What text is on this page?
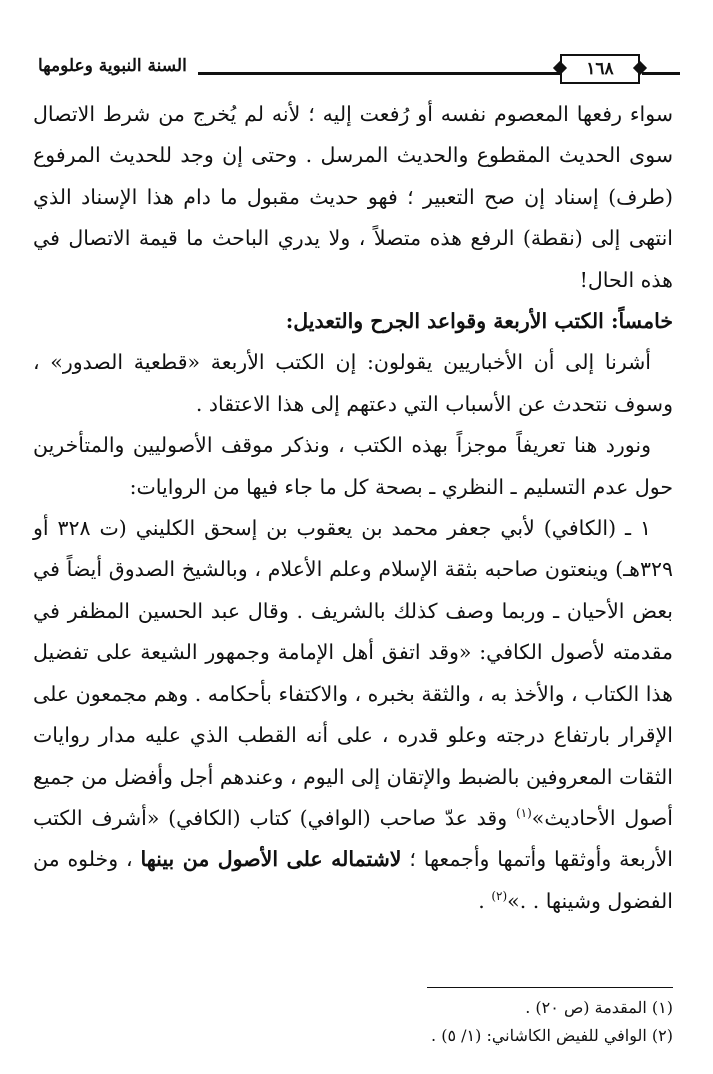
السنة النبوية وعلومها	١٦٨

سواء رفعها المعصوم نفسه أو رُفعت إليه ؛ لأنه لم يُخرج من شرط الاتصال سوى الحديث المقطوع والحديث المرسل . وحتى إن وجد للحديث المرفوع (طرف) إسناد إن صح التعبير ؛ فهو حديث مقبول ما دام هذا الإسناد الذي انتهى إلى (نقطة) الرفع هذه متصلاً ، ولا يدري الباحث ما قيمة الاتصال في هذه الحال!

خامساً: الكتب الأربعة وقواعد الجرح والتعديل:

أشرنا إلى أن الأخباريين يقولون: إن الكتب الأربعة «قطعية الصدور» ، وسوف نتحدث عن الأسباب التي دعتهم إلى هذا الاعتقاد .

ونورد هنا تعريفاً موجزاً بهذه الكتب ، ونذكر موقف الأصوليين والمتأخرين حول عدم التسليم ـ النظري ـ بصحة كل ما جاء فيها من الروايات:

١ ـ (الكافي) لأبي جعفر محمد بن يعقوب بن إسحق الكليني (ت ٣٢٨ أو ٣٢٩هـ) وينعتون صاحبه بثقة الإسلام وعلم الأعلام ، وبالشيخ الصدوق أيضاً في بعض الأحيان ـ وربما وصف كذلك بالشريف . وقال عبد الحسين المظفر في مقدمته لأصول الكافي: «وقد اتفق أهل الإمامة وجمهور الشيعة على تفضيل هذا الكتاب ، والأخذ به ، والثقة بخبره ، والاكتفاء بأحكامه . وهم مجمعون على الإقرار بارتفاع درجته وعلو قدره ، على أنه القطب الذي عليه مدار روايات الثقات المعروفين بالضبط والإتقان إلى اليوم ، وعندهم أجل وأفضل من جميع أصول الأحاديث»$^{(١)}$ وقد عدّ صاحب (الوافي) كتاب (الكافي) «أشرف الكتب الأربعة وأوثقها وأتمها وأجمعها ؛ لاشتماله على الأصول من بينها ، وخلوه من الفضول وشينها . .»$^{(٢)}$ .

(١) المقدمة (ص ٢٠) .
(٢) الوافي للفيض الكاشاني: (١/ ٥) .
